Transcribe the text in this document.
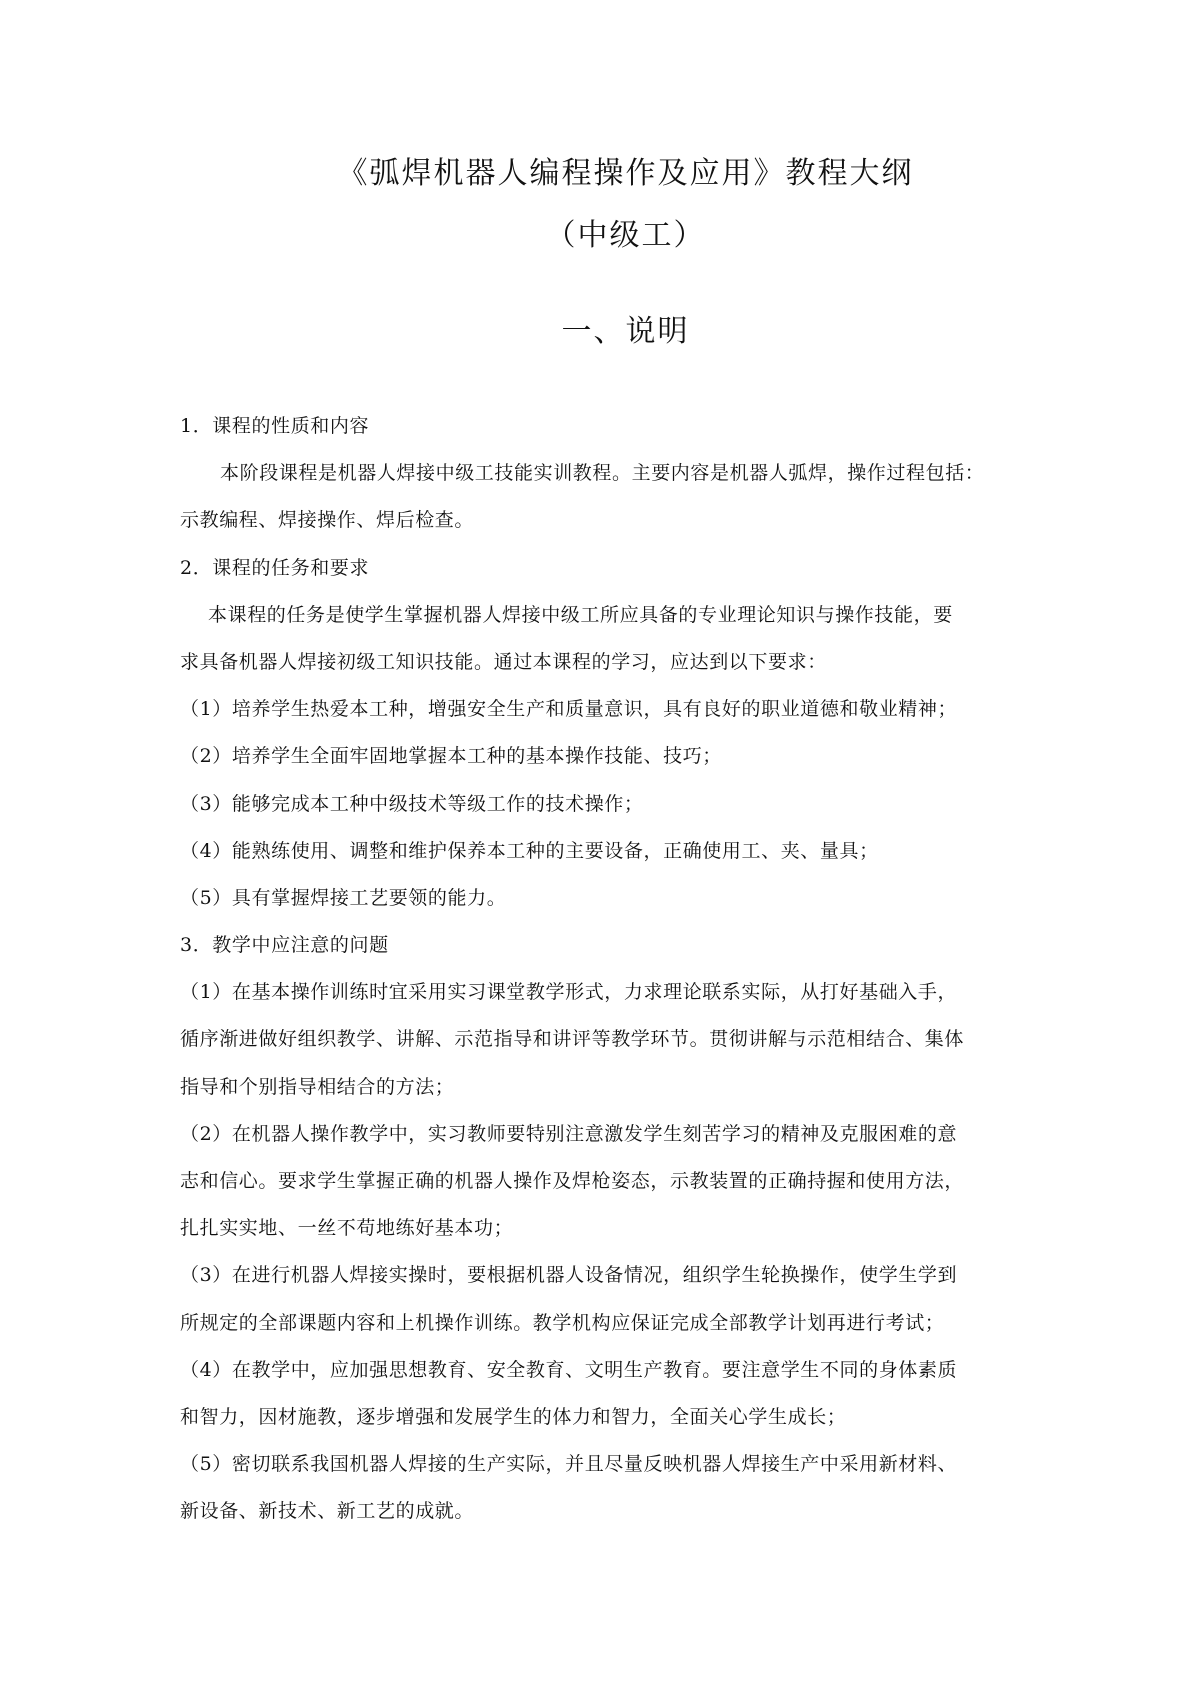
《弧焊机器人编程操作及应用》教程大纲
（中级工）
一、说明
1．课程的性质和内容
本阶段课程是机器人焊接中级工技能实训教程。主要内容是机器人弧焊，操作过程包括：
示教编程、焊接操作、焊后检查。
2．课程的任务和要求
本课程的任务是使学生掌握机器人焊接中级工所应具备的专业理论知识与操作技能，要
求具备机器人焊接初级工知识技能。通过本课程的学习，应达到以下要求：
（1）培养学生热爱本工种，增强安全生产和质量意识，具有良好的职业道德和敬业精神；
（2）培养学生全面牢固地掌握本工种的基本操作技能、技巧；
（3）能够完成本工种中级技术等级工作的技术操作；
（4）能熟练使用、调整和维护保养本工种的主要设备，正确使用工、夹、量具；
（5）具有掌握焊接工艺要领的能力。
3．教学中应注意的问题
（1）在基本操作训练时宜采用实习课堂教学形式，力求理论联系实际，从打好基础入手，
循序渐进做好组织教学、讲解、示范指导和讲评等教学环节。贯彻讲解与示范相结合、集体
指导和个别指导相结合的方法；
（2）在机器人操作教学中，实习教师要特别注意激发学生刻苦学习的精神及克服困难的意
志和信心。要求学生掌握正确的机器人操作及焊枪姿态，示教装置的正确持握和使用方法，
扎扎实实地、一丝不苟地练好基本功；
（3）在进行机器人焊接实操时，要根据机器人设备情况，组织学生轮换操作，使学生学到
所规定的全部课题内容和上机操作训练。教学机构应保证完成全部教学计划再进行考试；
（4）在教学中，应加强思想教育、安全教育、文明生产教育。要注意学生不同的身体素质
和智力，因材施教，逐步增强和发展学生的体力和智力，全面关心学生成长；
（5）密切联系我国机器人焊接的生产实际，并且尽量反映机器人焊接生产中采用新材料、
新设备、新技术、新工艺的成就。
